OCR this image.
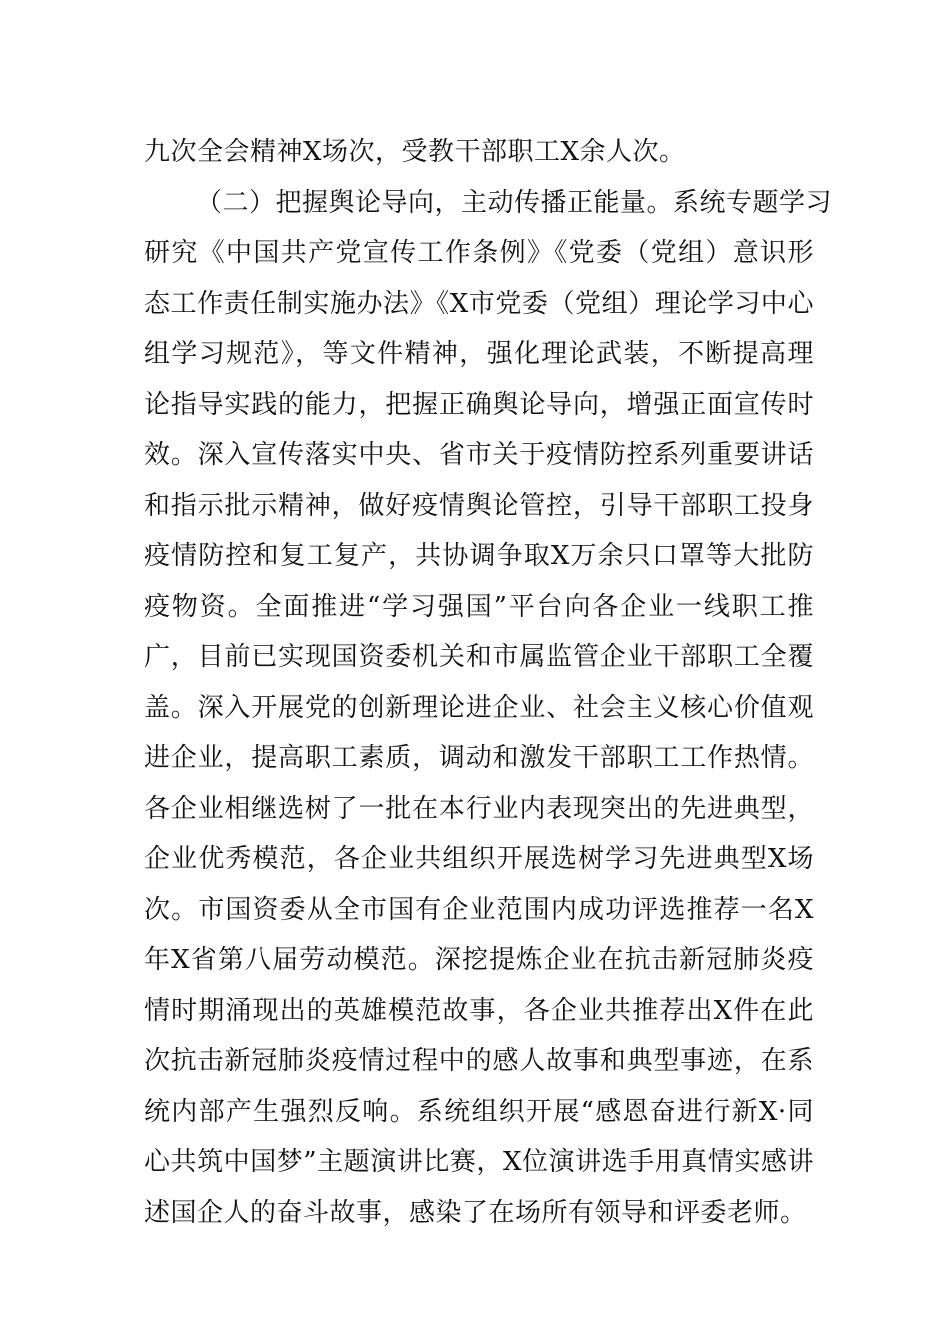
九次全会精神X场次，受教干部职工X余人次。
（二）把握舆论导向，主动传播正能量。系统专题学习
研究《中国共产党宣传工作条例》《党委（党组）意识形
态工作责任制实施办法》《X市党委（党组）理论学习中心
组学习规范》，等文件精神，强化理论武装，不断提高理
论指导实践的能力，把握正确舆论导向，增强正面宣传时
效。深入宣传落实中央、省市关于疫情防控系列重要讲话
和指示批示精神，做好疫情舆论管控，引导干部职工投身
疫情防控和复工复产，共协调争取X万余只口罩等大批防
疫物资。全面推进“学习强国”平台向各企业一线职工推
广，目前已实现国资委机关和市属监管企业干部职工全覆
盖。深入开展党的创新理论进企业、社会主义核心价值观
进企业，提高职工素质，调动和激发干部职工工作热情。
各企业相继选树了一批在本行业内表现突出的先进典型，
企业优秀模范，各企业共组织开展选树学习先进典型X场
次。市国资委从全市国有企业范围内成功评选推荐一名X
年X省第八届劳动模范。深挖提炼企业在抗击新冠肺炎疫
情时期涌现出的英雄模范故事，各企业共推荐出X件在此
次抗击新冠肺炎疫情过程中的感人故事和典型事迹，在系
统内部产生强烈反响。系统组织开展“感恩奋进行新X·同
心共筑中国梦”主题演讲比赛，X位演讲选手用真情实感讲
述国企人的奋斗故事，感染了在场所有领导和评委老师。
